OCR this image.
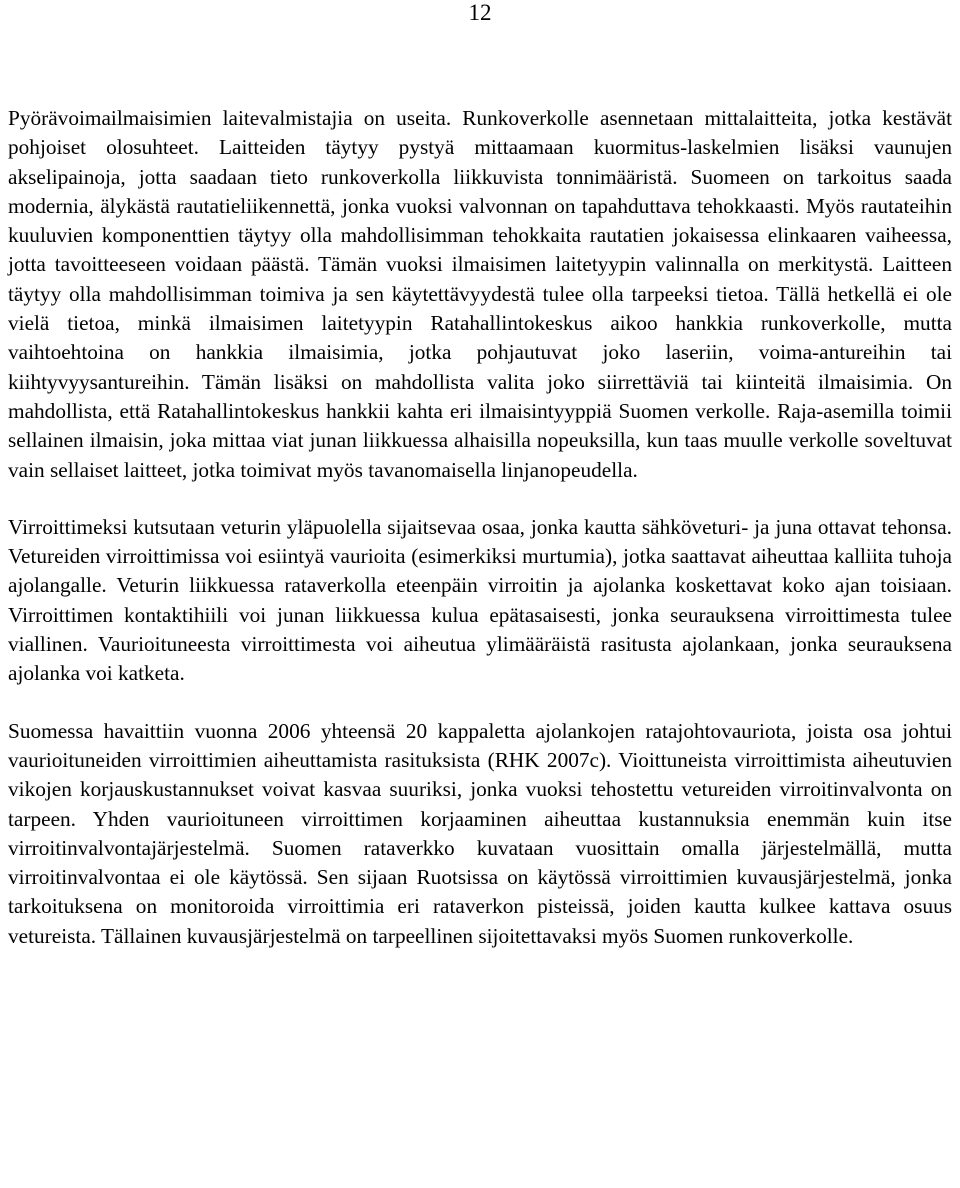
12

Pyörävoimailmaisimien laitevalmistajia on useita. Runkoverkolle asennetaan mittalaitteita, jotka kestävät pohjoiset olosuhteet. Laitteiden täytyy pystyä mittaamaan kuormitus-laskelmien lisäksi vaunujen akselipainoja, jotta saadaan tieto runkoverkolla liikkuvista tonnimääristä. Suomeen on tarkoitus saada modernia, älykästä rautatieliikennettä, jonka vuoksi valvonnan on tapahduttava tehokkaasti. Myös rautateihin kuuluvien komponenttien täytyy olla mahdollisimman tehokkaita rautatien jokaisessa elinkaaren vaiheessa, jotta tavoitteeseen voidaan päästä. Tämän vuoksi ilmaisimen laitetyypin valinnalla on merkitystä. Laitteen täytyy olla mahdollisimman toimiva ja sen käytettävyydestä tulee olla tarpeeksi tietoa. Tällä hetkellä ei ole vielä tietoa, minkä ilmaisimen laitetyypin Ratahallintokeskus aikoo hankkia runkoverkolle, mutta vaihtoehtoina on hankkia ilmaisimia, jotka pohjautuvat joko laseriin, voima-antureihin tai kiihtyvyysantureihin. Tämän lisäksi on mahdollista valita joko siirrettäviä tai kiinteitä ilmaisimia. On mahdollista, että Ratahallintokeskus hankkii kahta eri ilmaisintyyppiä Suomen verkolle. Raja-asemilla toimii sellainen ilmaisin, joka mittaa viat junan liikkuessa alhaisilla nopeuksilla, kun taas muulle verkolle soveltuvat vain sellaiset laitteet, jotka toimivat myös tavanomaisella linjanopeudella.

Virroittimeksi kutsutaan veturin yläpuolella sijaitsevaa osaa, jonka kautta sähköveturi- ja juna ottavat tehonsa. Vetureiden virroittimissa voi esiintyä vaurioita (esimerkiksi murtumia), jotka saattavat aiheuttaa kalliita tuhoja ajolangalle. Veturin liikkuessa rataverkolla eteenpäin virroitin ja ajolanka koskettavat koko ajan toisiaan. Virroittimen kontaktihiili voi junan liikkuessa kulua epätasaisesti, jonka seurauksena virroittimesta tulee viallinen. Vaurioituneesta virroittimesta voi aiheutua ylimääräistä rasitusta ajolankaan, jonka seurauksena ajolanka voi katketa.

Suomessa havaittiin vuonna 2006 yhteensä 20 kappaletta ajolankojen ratajohtovauriota, joista osa johtui vaurioituneiden virroittimien aiheuttamista rasituksista (RHK 2007c). Vioittuneista virroittimista aiheutuvien vikojen korjauskustannukset voivat kasvaa suuriksi, jonka vuoksi tehostettu vetureiden virroitinvalvonta on tarpeen. Yhden vaurioituneen virroittimen korjaaminen aiheuttaa kustannuksia enemmän kuin itse virroitinvalvontajärjestelmä. Suomen rataverkko kuvataan vuosittain omalla järjestelmällä, mutta virroitinvalvontaa ei ole käytössä. Sen sijaan Ruotsissa on käytössä virroittimien kuvausjärjestelmä, jonka tarkoituksena on monitoroida virroittimia eri rataverkon pisteissä, joiden kautta kulkee kattava osuus vetureista. Tällainen kuvausjärjestelmä on tarpeellinen sijoitettavaksi myös Suomen runkoverkolle.
